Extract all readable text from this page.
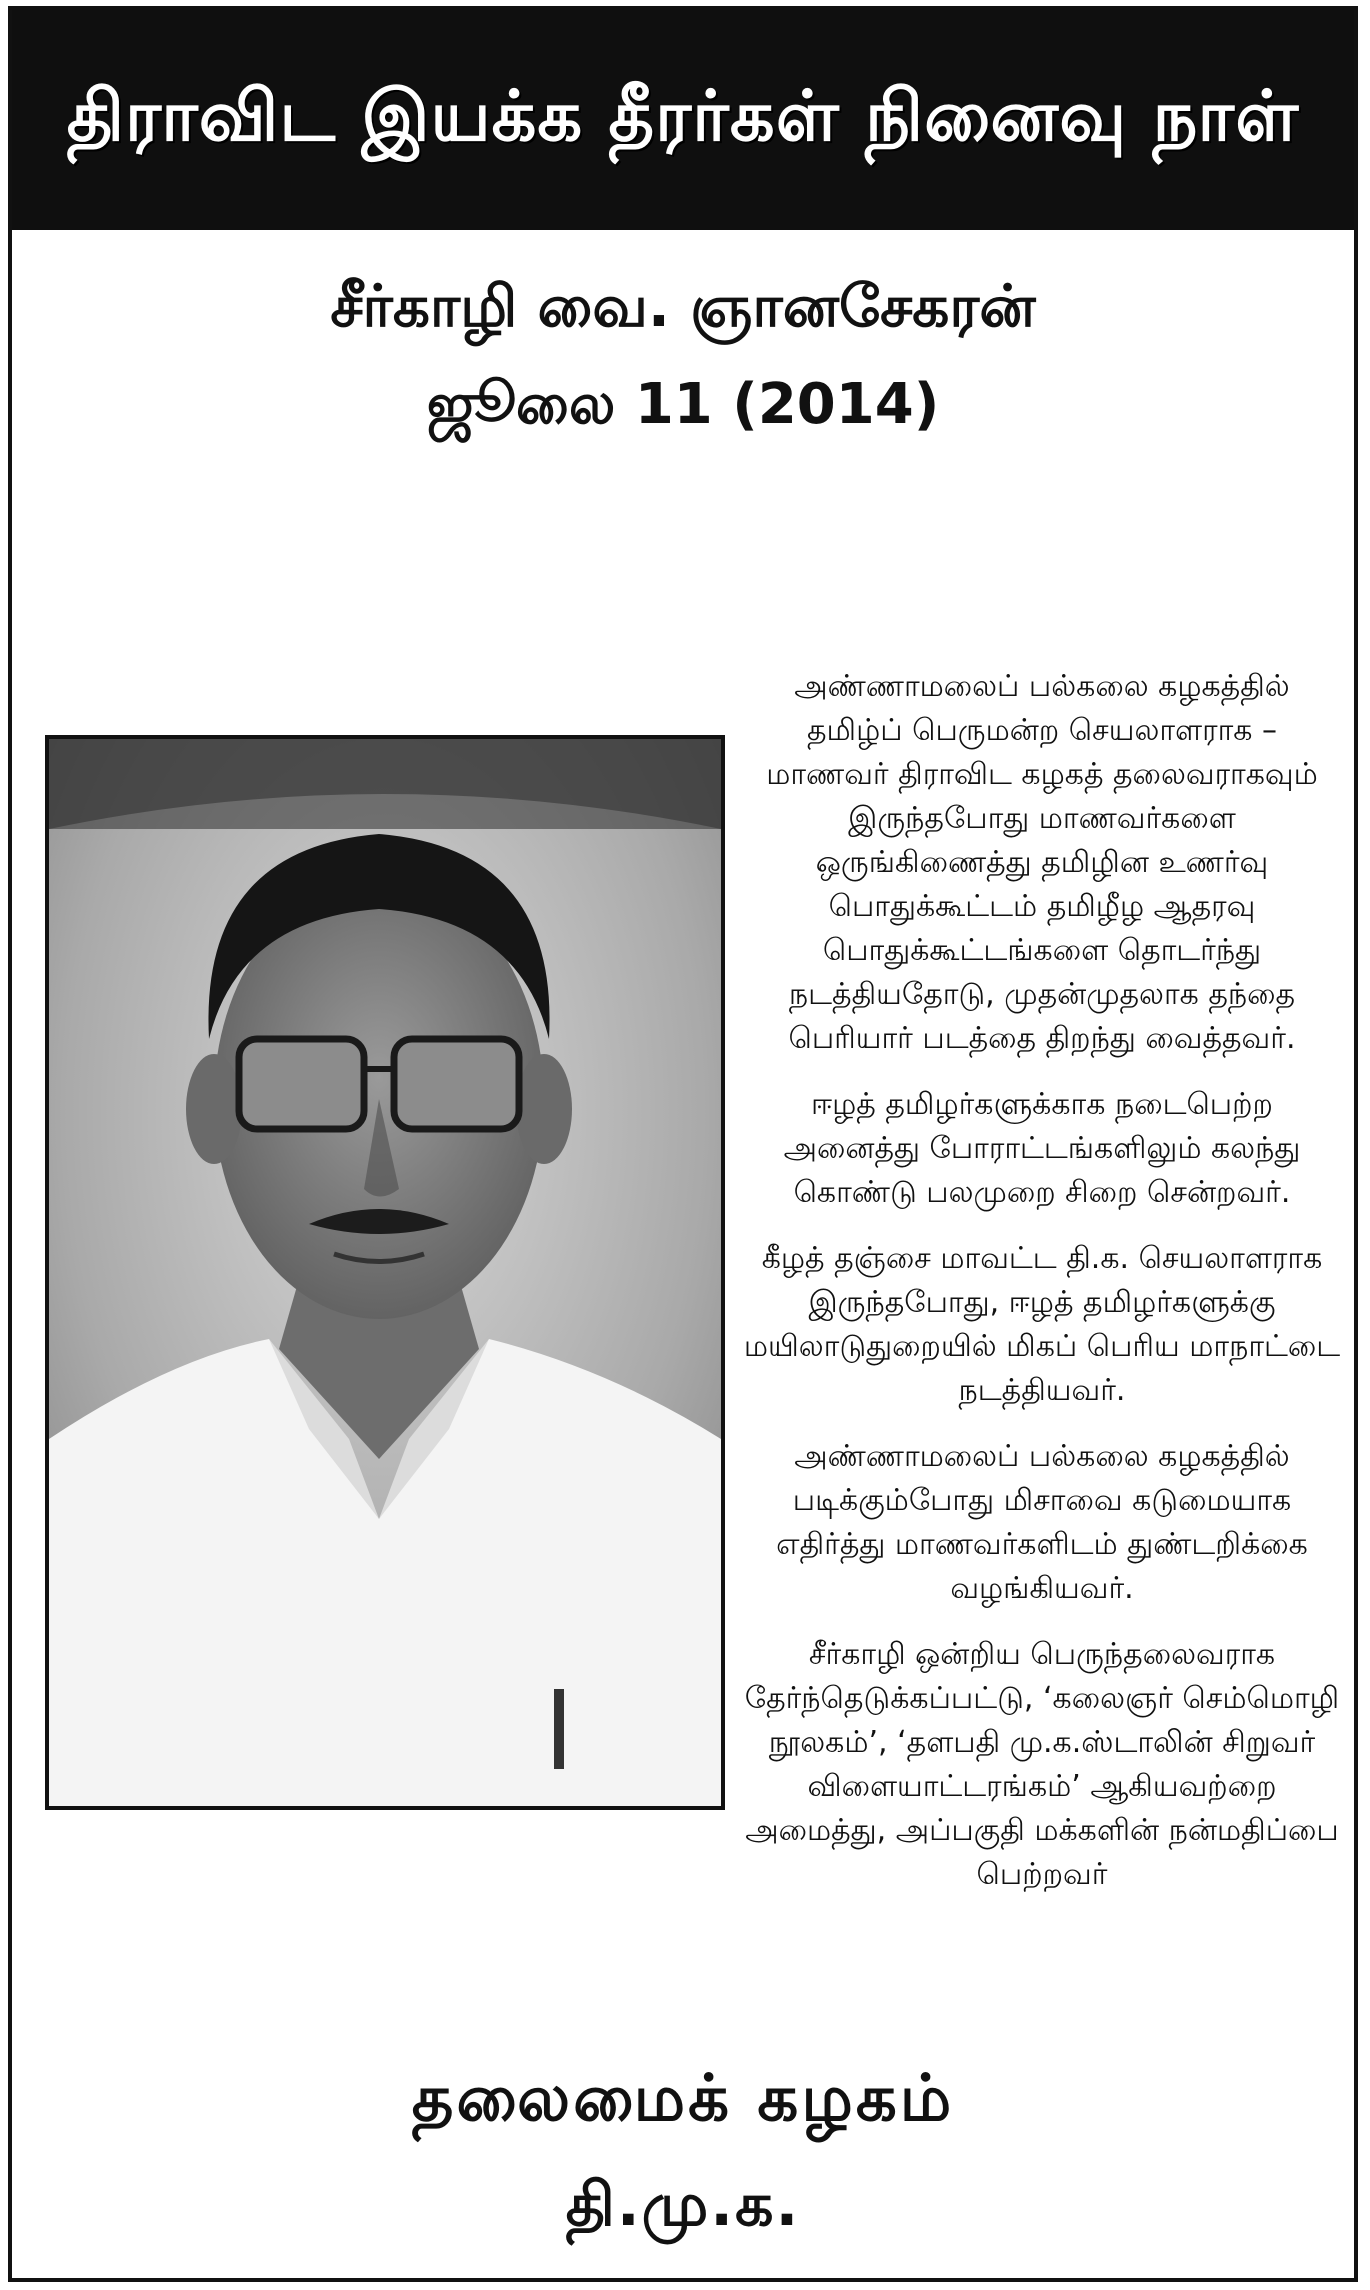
திராவிட இயக்க தீரர்கள் நினைவு நாள்
சீர்காழி வை. ஞானசேகரன்
ஜூலை 11 (2014)

அண்ணாமலைப் பல்கலை கழகத்தில் தமிழ்ப் பெருமன்ற செயலாளராக – மாணவர் திராவிட கழகத் தலைவராகவும் இருந்தபோது மாணவர்களை ஒருங்கிணைத்து தமிழின உணர்வு பொதுக்கூட்டம் தமிழீழ ஆதரவு பொதுக்கூட்டங்களை தொடர்ந்து நடத்தியதோடு, முதன்முதலாக தந்தை பெரியார் படத்தை திறந்து வைத்தவர்.

ஈழத் தமிழர்களுக்காக நடைபெற்ற அனைத்து போராட்டங்களிலும் கலந்து கொண்டு பலமுறை சிறை சென்றவர்.

கீழத் தஞ்சை மாவட்ட தி.க. செயலாளராக இருந்தபோது, ஈழத் தமிழர்களுக்கு மயிலாடுதுறையில் மிகப் பெரிய மாநாட்டை நடத்தியவர்.

அண்ணாமலைப் பல்கலை கழகத்தில் படிக்கும்போது மிசாவை கடுமையாக எதிர்த்து மாணவர்களிடம் துண்டறிக்கை வழங்கியவர்.

சீர்காழி ஒன்றிய பெருந்தலைவராக தேர்ந்தெடுக்கப்பட்டு, ‘கலைஞர் செம்மொழி நூலகம்’, ‘தளபதி மு.க.ஸ்டாலின் சிறுவர் விளையாட்டரங்கம்’ ஆகியவற்றை அமைத்து, அப்பகுதி மக்களின் நன்மதிப்பை பெற்றவர்

தலைமைக் கழகம்
தி.மு.க.
